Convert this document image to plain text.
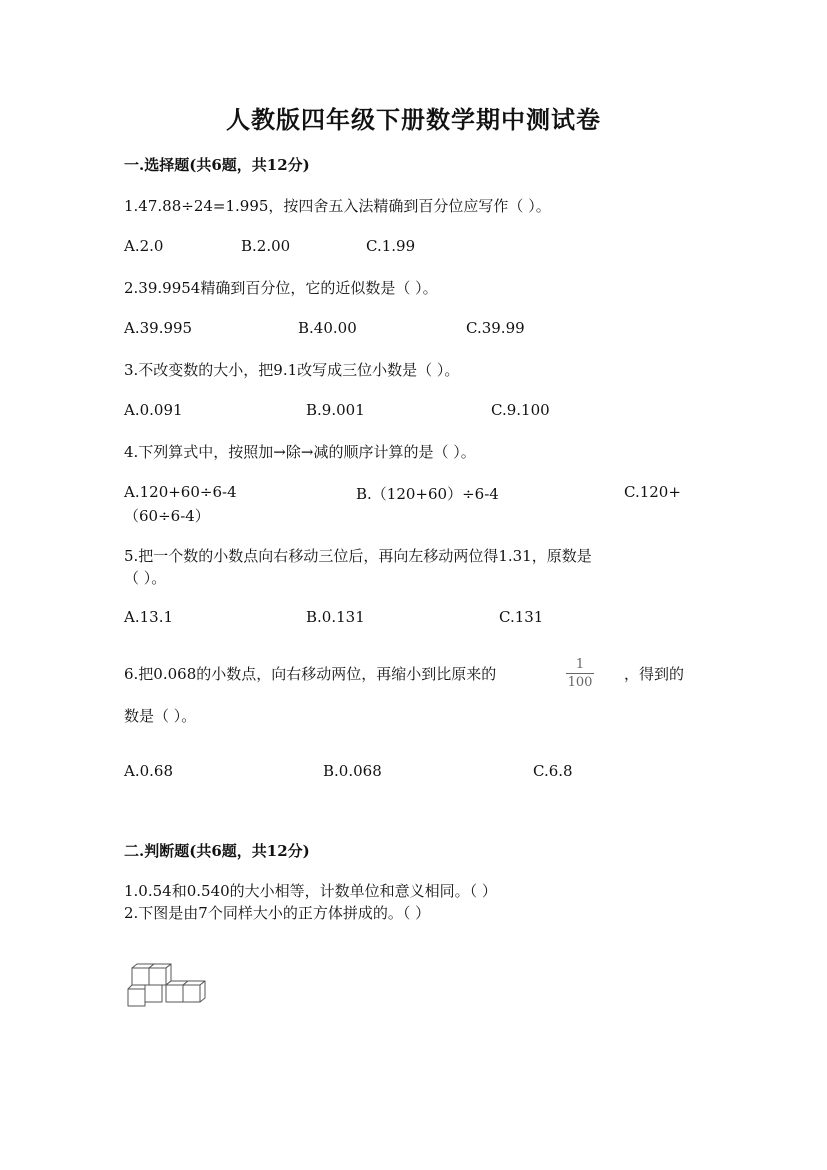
人教版四年级下册数学期中测试卷
一.选择题(共6题，共12分)
1.47.88÷24=1.995，按四舍五入法精确到百分位应写作（ ）。
A.2.0	B.2.00	C.1.99
2.39.9954精确到百分位，它的近似数是（ ）。
A.39.995	B.40.00	C.39.99
3.不改变数的大小，把9.1改写成三位小数是（ ）。
A.0.091	B.9.001	C.9.100
4.下列算式中，按照加→除→减的顺序计算的是（ ）。
A.120+60÷6-4	B.（120+60）÷6-4	C.120+
（60÷6-4）
5.把一个数的小数点向右移动三位后，再向左移动两位得1.31，原数是
（ ）。
A.13.1	B.0.131	C.131
6.把0.068的小数点，向右移动两位，再缩小到比原来的
1
100 ，得到的
数是（ ）。
A.0.68	B.0.068	C.6.8
二.判断题(共6题，共12分)
1.0.54和0.540的大小相等，计数单位和意义相同。（ ）
2.下图是由7个同样大小的正方体拼成的。（ ）
